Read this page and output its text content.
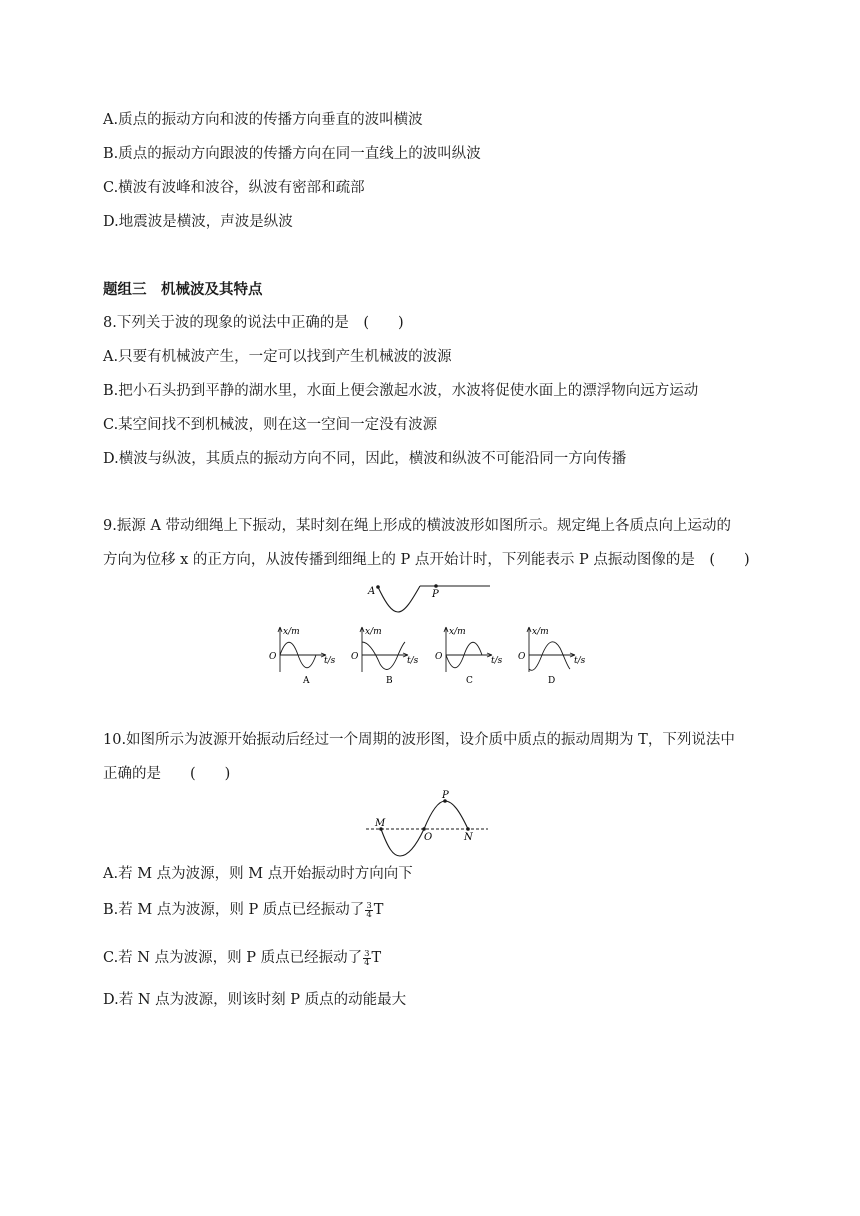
A.质点的振动方向和波的传播方向垂直的波叫横波
B.质点的振动方向跟波的传播方向在同一直线上的波叫纵波
C.横波有波峰和波谷，纵波有密部和疏部
D.地震波是横波，声波是纵波
题组三　机械波及其特点
8.下列关于波的现象的说法中正确的是　(　　)
A.只要有机械波产生，一定可以找到产生机械波的波源
B.把小石头扔到平静的湖水里，水面上便会激起水波，水波将促使水面上的漂浮物向远方运动
C.某空间找不到机械波，则在这一空间一定没有波源
D.横波与纵波，其质点的振动方向不同，因此，横波和纵波不可能沿同一方向传播
9.振源 A 带动细绳上下振动，某时刻在绳上形成的横波波形如图所示。规定绳上各质点向上运动的
方向为位移 x 的正方向，从波传播到细绳上的 P 点开始计时，下列能表示 P 点振动图像的是　(　　)
A	P
x/m
O	t/s
A
x/m
O	t/s
B
x/m
O	t/s
C
x/m
O	t/s
D
10.如图所示为波源开始振动后经过一个周期的波形图，设介质中质点的振动周期为 T，下列说法中
正确的是　　(　　)
M
O
P
N
A.若 M 点为波源，则 M 点开始振动时方向向下
B.若 M 点为波源，则 P 质点已经振动了 $\frac{3}{4}$ T
C.若 N 点为波源，则 P 质点已经振动了 $\frac{3}{4}$ T
D.若 N 点为波源，则该时刻 P 质点的动能最大
